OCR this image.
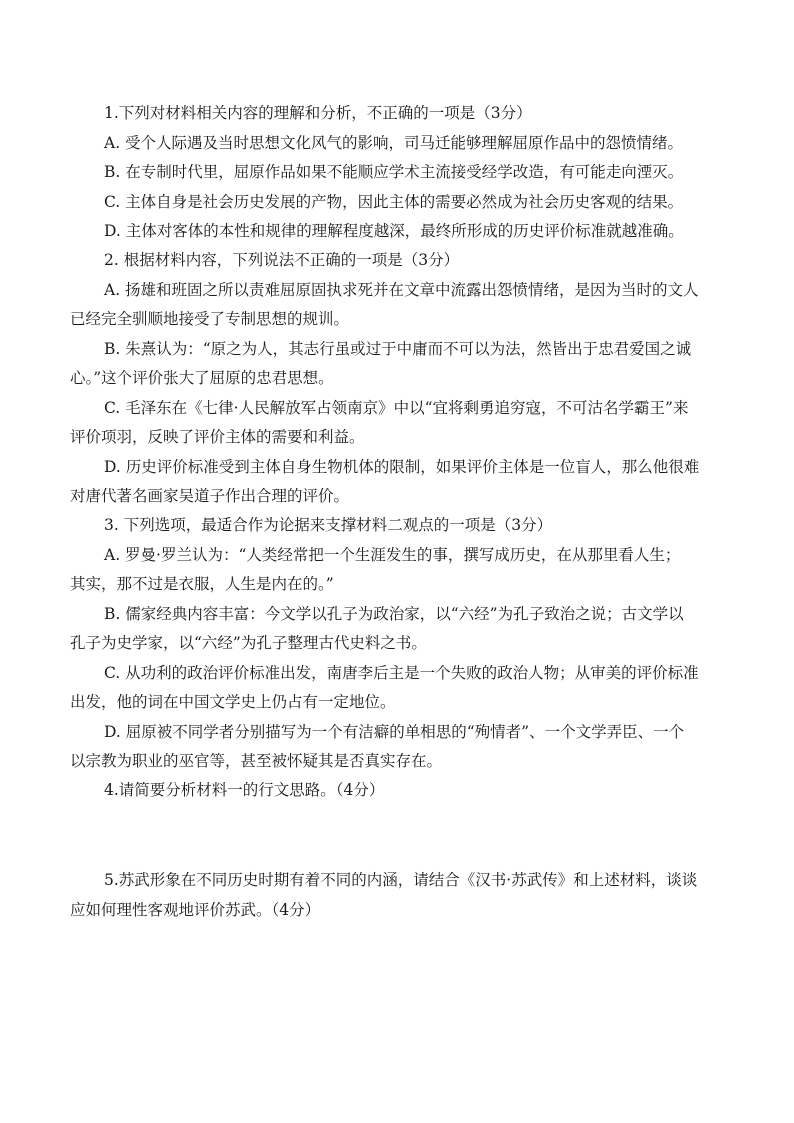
1.下列对材料相关内容的理解和分析，不正确的一项是（3分）
A. 受个人际遇及当时思想文化风气的影响，司马迁能够理解屈原作品中的怨愤情绪。
B. 在专制时代里，屈原作品如果不能顺应学术主流接受经学改造，有可能走向湮灭。
C. 主体自身是社会历史发展的产物，因此主体的需要必然成为社会历史客观的结果。
D. 主体对客体的本性和规律的理解程度越深，最终所形成的历史评价标准就越准确。
2. 根据材料内容，下列说法不正确的一项是（3分）
A. 扬雄和班固之所以责难屈原固执求死并在文章中流露出怨愤情绪，是因为当时的文人
已经完全驯顺地接受了专制思想的规训。
B. 朱熹认为：“原之为人，其志行虽或过于中庸而不可以为法，然皆出于忠君爱国之诚
心。”这个评价张大了屈原的忠君思想。
C. 毛泽东在《七律·人民解放军占领南京》中以“宜将剩勇追穷寇，不可沽名学霸王”来
评价项羽，反映了评价主体的需要和利益。
D. 历史评价标准受到主体自身生物机体的限制，如果评价主体是一位盲人，那么他很难
对唐代著名画家吴道子作出合理的评价。
3. 下列选项，最适合作为论据来支撑材料二观点的一项是（3分）
A. 罗曼·罗兰认为：“人类经常把一个生涯发生的事，撰写成历史，在从那里看人生；
其实，那不过是衣服，人生是内在的。”
B. 儒家经典内容丰富：今文学以孔子为政治家，以“六经”为孔子致治之说；古文学以
孔子为史学家，以“六经”为孔子整理古代史料之书。
C. 从功利的政治评价标准出发，南唐李后主是一个失败的政治人物；从审美的评价标准
出发，他的词在中国文学史上仍占有一定地位。
D. 屈原被不同学者分别描写为一个有洁癖的单相思的“殉情者”、一个文学弄臣、一个
以宗教为职业的巫官等，甚至被怀疑其是否真实存在。
4.请简要分析材料一的行文思路。（4分）
5.苏武形象在不同历史时期有着不同的内涵，请结合《汉书·苏武传》和上述材料，谈谈
应如何理性客观地评价苏武。（4分）
